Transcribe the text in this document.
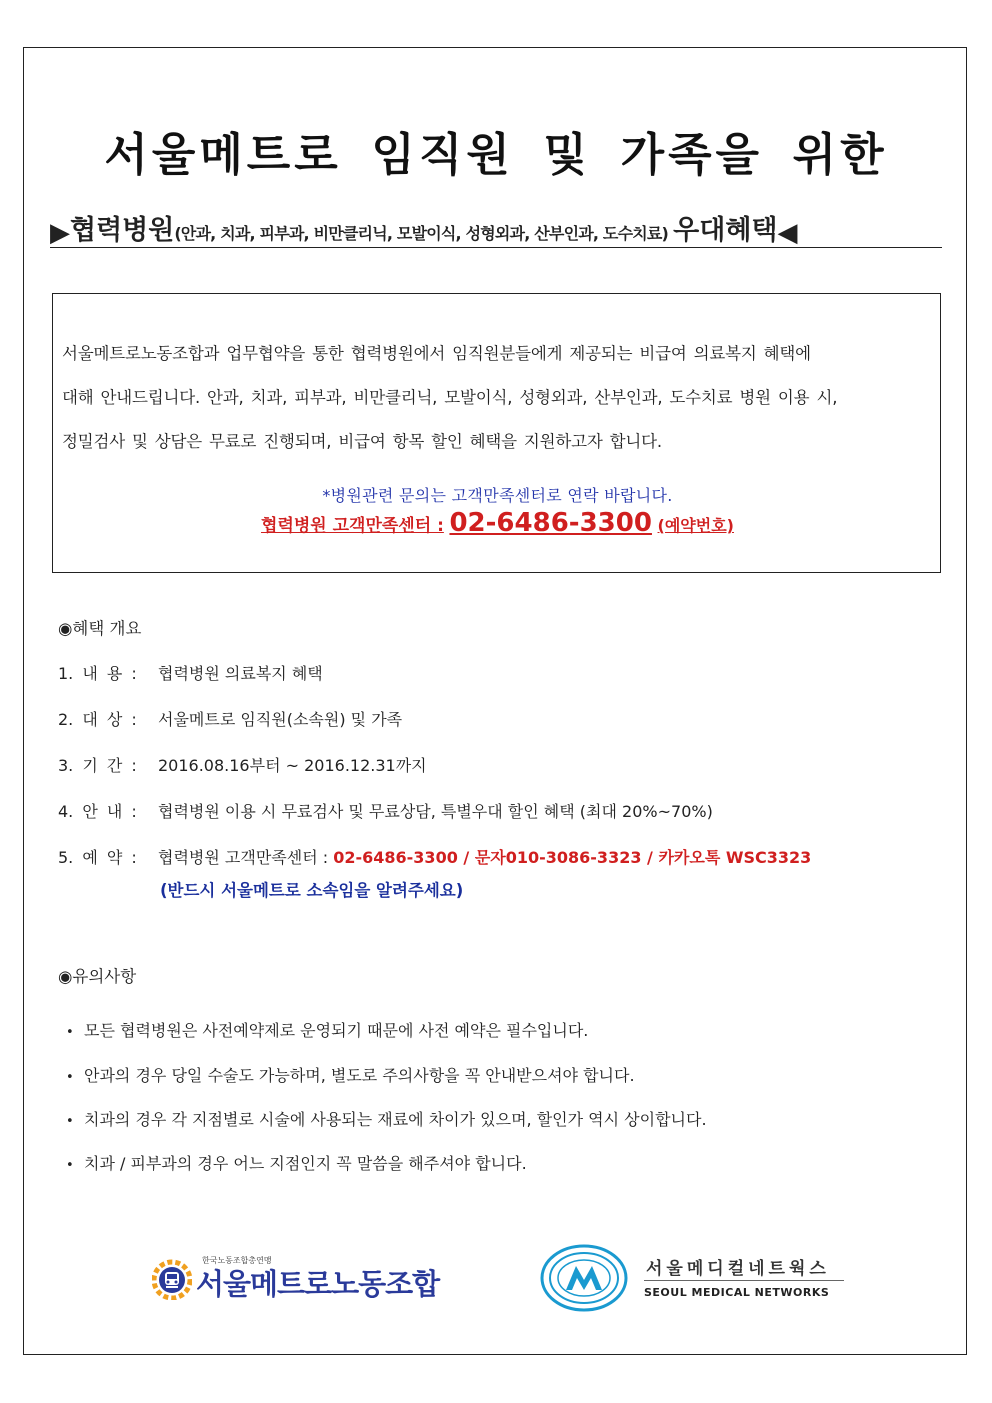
서울메트로 임직원 및 가족을 위한
▶협력병원(안과, 치과, 피부과, 비만클리닉, 모발이식, 성형외과, 산부인과, 도수치료) 우대혜택◀
서울메트로노동조합과 업무협약을 통한 협력병원에서 임직원분들에게 제공되는 비급여 의료복지 혜택에
대해 안내드립니다. 안과, 치과, 피부과, 비만클리닉, 모발이식, 성형외과, 산부인과, 도수치료 병원 이용 시,
정밀검사 및 상담은 무료로 진행되며, 비급여 항목 할인 혜택을 지원하고자 합니다.
*병원관련 문의는 고객만족센터로 연락 바랍니다.
협력병원 고객만족센터 : 02-6486-3300 (예약번호)
◉혜택 개요
1. 내 용 : 협력병원 의료복지 혜택
2. 대 상 : 서울메트로 임직원(소속원) 및 가족
3. 기 간 : 2016.08.16부터 ~ 2016.12.31까지
4. 안 내 : 협력병원 이용 시 무료검사 및 무료상담, 특별우대 할인 혜택 (최대 20%~70%)
5. 예 약 : 협력병원 고객만족센터 : 02-6486-3300 / 문자010-3086-3323 / 카카오톡 WSC3323
(반드시 서울메트로 소속임을 알려주세요)
◉유의사항
• 모든 협력병원은 사전예약제로 운영되기 때문에 사전 예약은 필수입니다.
• 안과의 경우 당일 수술도 가능하며, 별도로 주의사항을 꼭 안내받으셔야 합니다.
• 치과의 경우 각 지점별로 시술에 사용되는 재료에 차이가 있으며, 할인가 역시 상이합니다.
• 치과 / 피부과의 경우 어느 지점인지 꼭 말씀을 해주셔야 합니다.
한국노동조합총연맹
서울메트로노동조합	서울메디컬네트웍스
SEOUL MEDICAL NETWORKS
